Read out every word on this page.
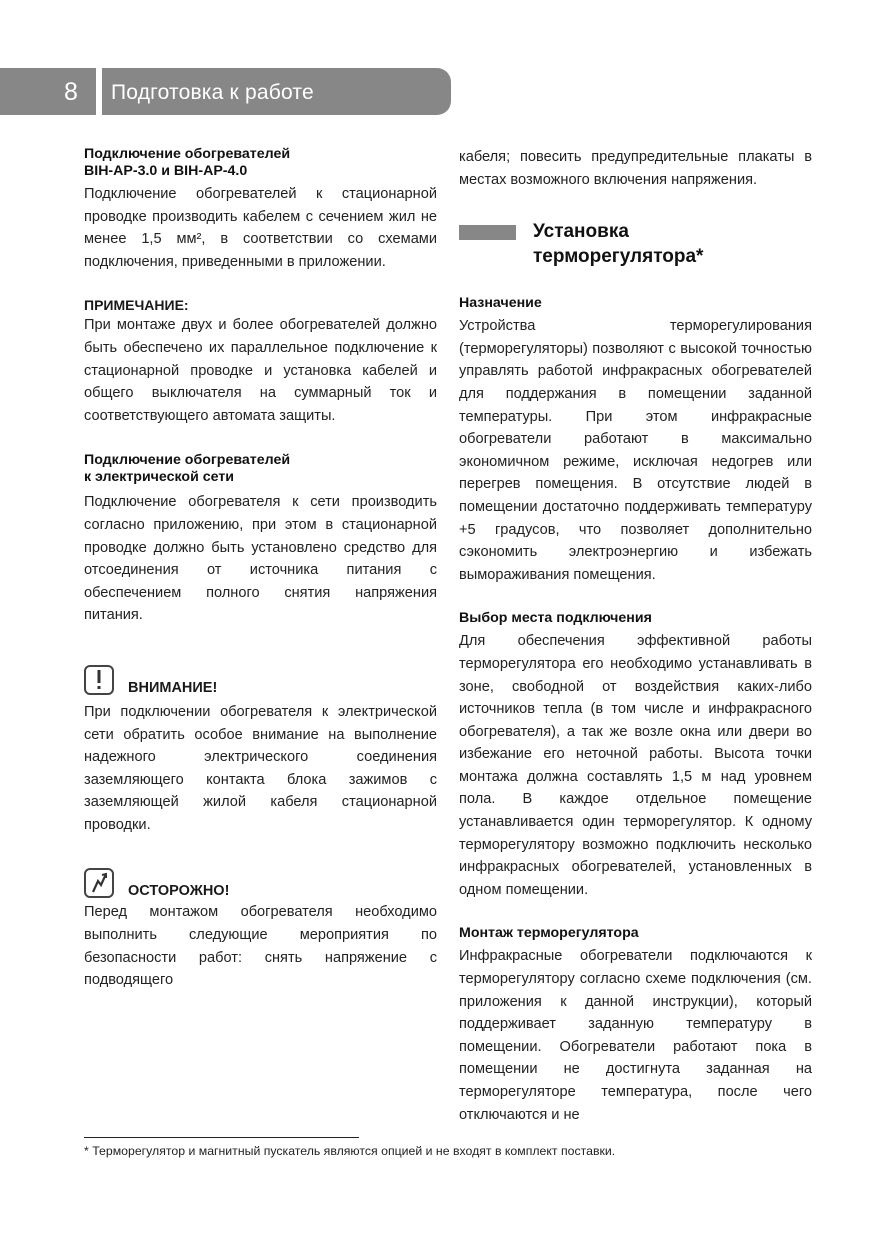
8	Подготовка к работе
Подключение обогревателей
BIH-AP-3.0 и BIH-AP-4.0

Подключение обогревателей к стационарной проводке производить кабелем с сечением жил не менее 1,5 мм², в соответствии со схемами подключения, приведенными в приложении.

ПРИМЕЧАНИЕ:

При монтаже двух и более обогревателей должно быть обеспечено их параллельное подключение к стационарной проводке и установка кабелей и общего выключателя на суммарный ток и соответствующего автомата защиты.

Подключение обогревателей
к электрической сети

Подключение обогревателя к сети производить согласно приложению, при этом в стационарной проводке должно быть установлено средство для отсоединения от источника питания с обеспечением полного снятия напряжения питания.

ВНИМАНИЕ!

При подключении обогревателя к электрической сети обратить особое внимание на выполнение надежного электрического соединения заземляющего контакта блока зажимов с заземляющей жилой кабеля стационарной проводки.

ОСТОРОЖНО!

Перед монтажом обогревателя необходимо выполнить следующие мероприятия по безопасности работ: снять напряжение с подводящего

кабеля; повесить предупредительные плакаты в местах возможного включения напряжения.

Установка
терморегулятора*
Назначение

Устройства терморегулирования (терморегуляторы) позволяют с высокой точностью управлять работой инфракрасных обогревателей для поддержания в помещении заданной температуры. При этом инфракрасные обогреватели работают в максимально экономичном режиме, исключая недогрев или перегрев помещения. В отсутствие людей в помещении достаточно поддерживать температуру +5 градусов, что позволяет дополнительно сэкономить электроэнергию и избежать вымораживания помещения.

Выбор места подключения

Для обеспечения эффективной работы терморегулятора его необходимо устанавливать в зоне, свободной от воздействия каких-либо источников тепла (в том числе и инфракрасного обогревателя), а так же возле окна или двери во избежание его неточной работы. Высота точки монтажа должна составлять 1,5 м над уровнем пола. В каждое отдельное помещение устанавливается один терморегулятор. К одному терморегулятору возможно подключить несколько инфракрасных обогревателей, установленных в одном помещении.

Монтаж терморегулятора

Инфракрасные обогреватели подключаются к терморегулятору согласно схеме подключения (см. приложения к данной инструкции), который поддерживает заданную температуру в помещении. Обогреватели работают пока в помещении не достигнута заданная на терморегуляторе температура, после чего отключаются и не

* Терморегулятор и магнитный пускатель являются опцией и не входят в комплект поставки.
